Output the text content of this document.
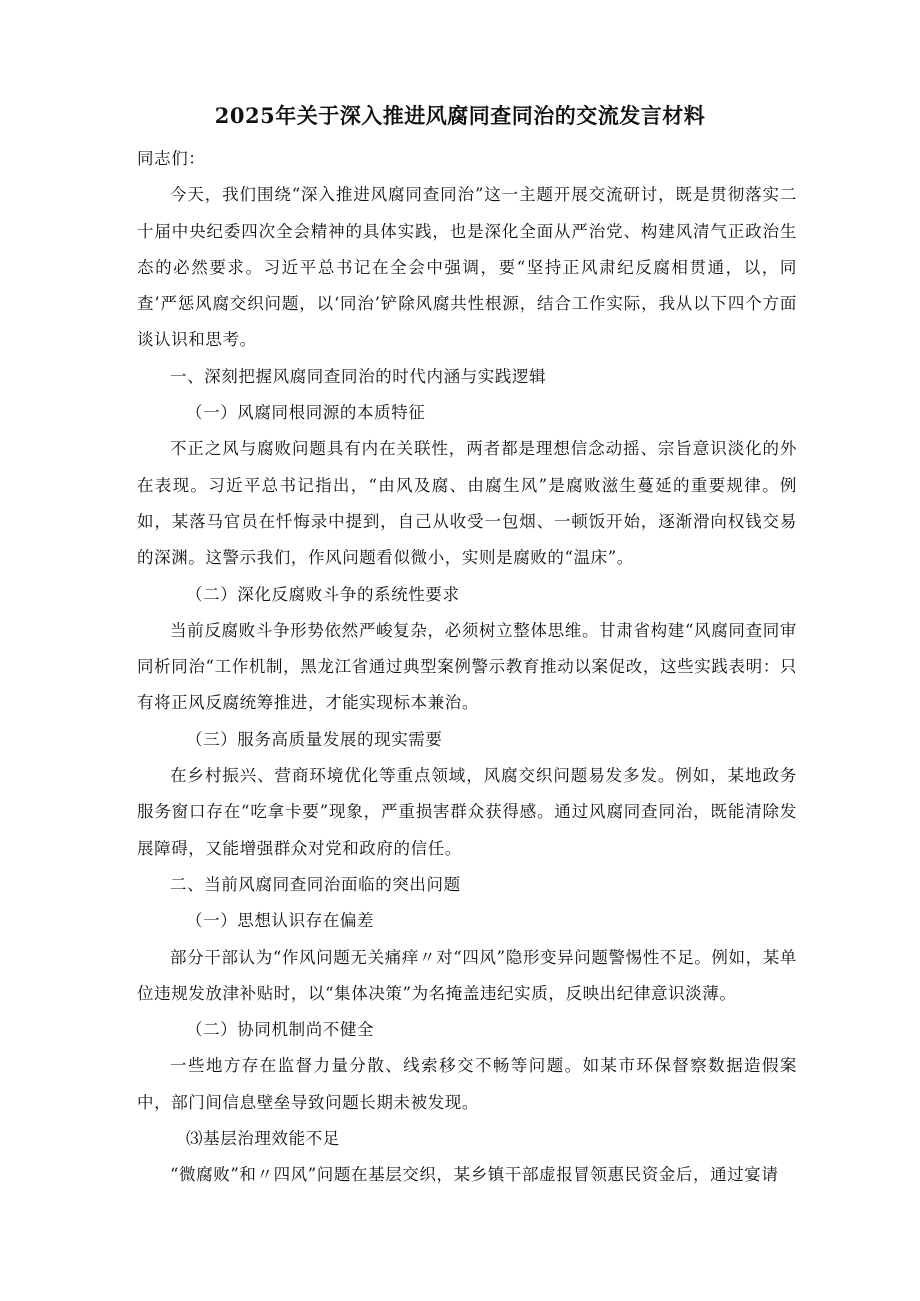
2025年关于深入推进风腐同查同治的交流发言材料

同志们：

今天，我们围绕“深入推进风腐同查同治”这一主题开展交流研讨，既是贯彻落实二十届中央纪委四次全会精神的具体实践，也是深化全面从严治党、构建风清气正政治生态的必然要求。习近平总书记在全会中强调，要“坚持正风肃纪反腐相贯通，以，同查’严惩风腐交织问题，以‘同治’铲除风腐共性根源，结合工作实际，我从以下四个方面谈认识和思考。

一、深刻把握风腐同查同治的时代内涵与实践逻辑

（一）风腐同根同源的本质特征

不正之风与腐败问题具有内在关联性，两者都是理想信念动摇、宗旨意识淡化的外在表现。习近平总书记指出，“由风及腐、由腐生风”是腐败滋生蔓延的重要规律。例如，某落马官员在忏悔录中提到，自己从收受一包烟、一顿饭开始，逐渐滑向权钱交易的深渊。这警示我们，作风问题看似微小，实则是腐败的“温床”。

（二）深化反腐败斗争的系统性要求

当前反腐败斗争形势依然严峻复杂，必须树立整体思维。甘肃省构建“风腐同查同审同析同治“工作机制，黑龙江省通过典型案例警示教育推动以案促改，这些实践表明：只有将正风反腐统筹推进，才能实现标本兼治。

（三）服务高质量发展的现实需要

在乡村振兴、营商环境优化等重点领域，风腐交织问题易发多发。例如，某地政务服务窗口存在“吃拿卡要”现象，严重损害群众获得感。通过风腐同查同治，既能清除发展障碍，又能增强群众对党和政府的信任。

二、当前风腐同查同治面临的突出问题

（一）思想认识存在偏差

部分干部认为“作风问题无关痛痒〃对“四风”隐形变异问题警惕性不足。例如，某单位违规发放津补贴时，以“集体决策”为名掩盖违纪实质，反映出纪律意识淡薄。

（二）协同机制尚不健全

一些地方存在监督力量分散、线索移交不畅等问题。如某市环保督察数据造假案中，部门间信息壁垒导致问题长期未被发现。

⑶基层治理效能不足

“微腐败”和〃四风”问题在基层交织，某乡镇干部虚报冒领惠民资金后，通过宴请
